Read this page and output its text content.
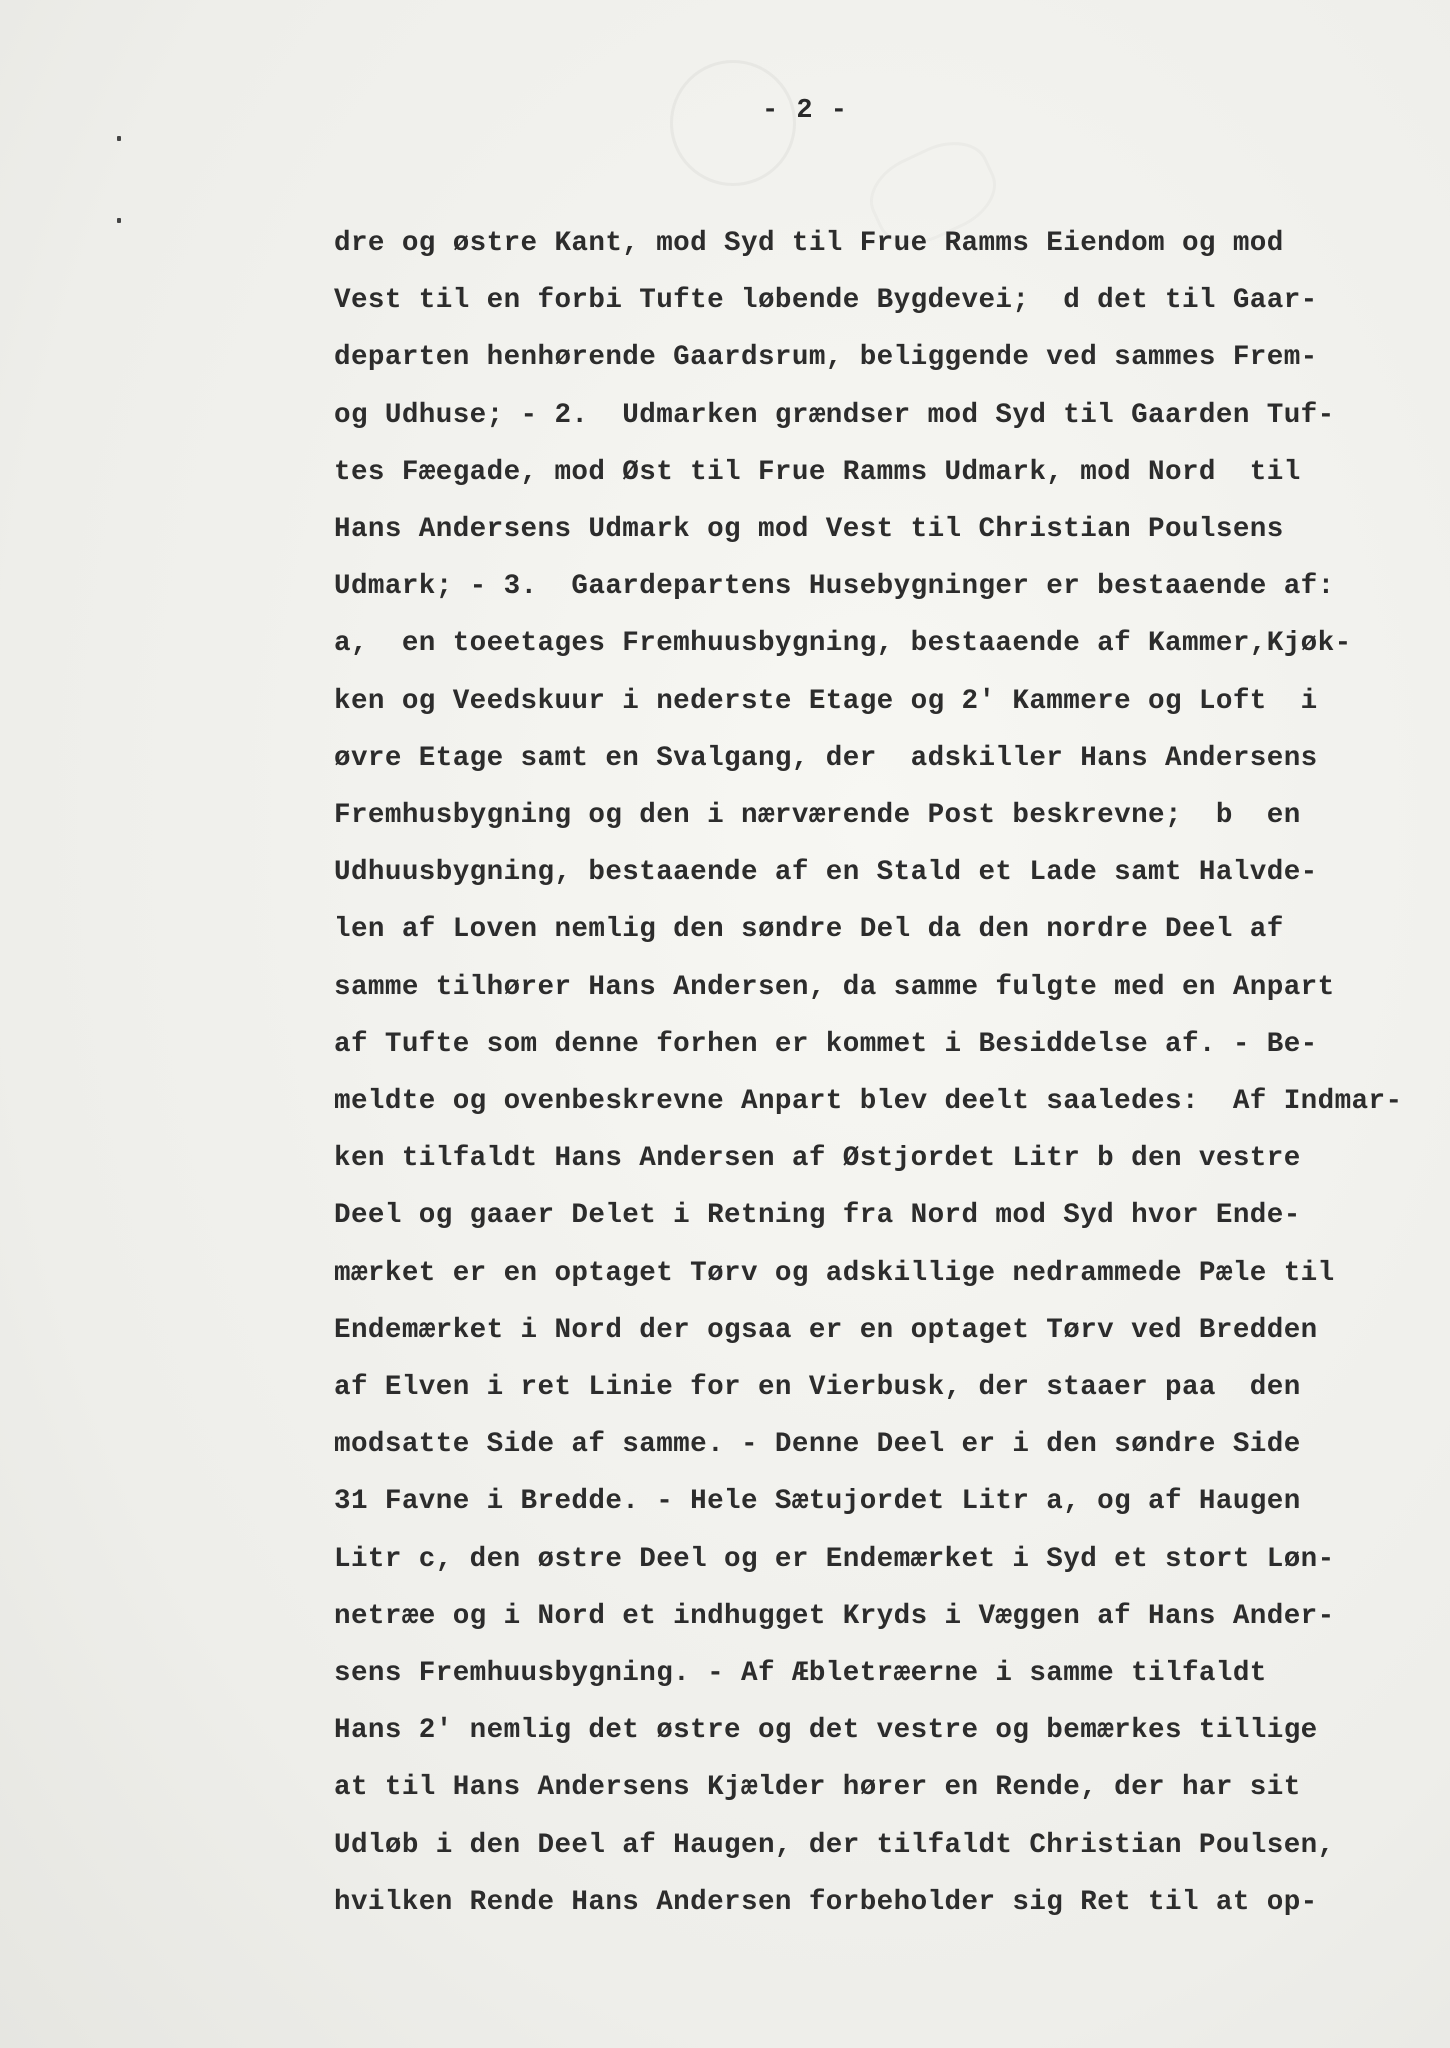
- 2 -
dre og østre Kant, mod Syd til Frue Ramms Eiendom og mod
Vest til en forbi Tufte løbende Bygdevei;  d det til Gaar-
departen henhørende Gaardsrum, beliggende ved sammes Frem-
og Udhuse; - 2.  Udmarken grændser mod Syd til Gaarden Tuf-
tes Fæegade, mod Øst til Frue Ramms Udmark, mod Nord  til
Hans Andersens Udmark og mod Vest til Christian Poulsens
Udmark; - 3.  Gaardepartens Husebygninger er bestaaende af:
a,  en toeetages Fremhuusbygning, bestaaende af Kammer,Kjøk-
ken og Veedskuur i nederste Etage og 2' Kammere og Loft  i
øvre Etage samt en Svalgang, der  adskiller Hans Andersens
Fremhusbygning og den i nærværende Post beskrevne;  b  en
Udhuusbygning, bestaaende af en Stald et Lade samt Halvde-
len af Loven nemlig den søndre Del da den nordre Deel af
samme tilhører Hans Andersen, da samme fulgte med en Anpart
af Tufte som denne forhen er kommet i Besiddelse af. - Be-
meldte og ovenbeskrevne Anpart blev deelt saaledes:  Af Indmar-
ken tilfaldt Hans Andersen af Østjordet Litr b den vestre
Deel og gaaer Delet i Retning fra Nord mod Syd hvor Ende-
mærket er en optaget Tørv og adskillige nedrammede Pæle til
Endemærket i Nord der ogsaa er en optaget Tørv ved Bredden
af Elven i ret Linie for en Vierbusk, der staaer paa  den
modsatte Side af samme. - Denne Deel er i den søndre Side
31 Favne i Bredde. - Hele Sætujordet Litr a, og af Haugen
Litr c, den østre Deel og er Endemærket i Syd et stort Løn-
netræe og i Nord et indhugget Kryds i Væggen af Hans Ander-
sens Fremhuusbygning. - Af Æbletræerne i samme tilfaldt
Hans 2' nemlig det østre og det vestre og bemærkes tillige
at til Hans Andersens Kjælder hører en Rende, der har sit
Udløb i den Deel af Haugen, der tilfaldt Christian Poulsen,
hvilken Rende Hans Andersen forbeholder sig Ret til at op-
